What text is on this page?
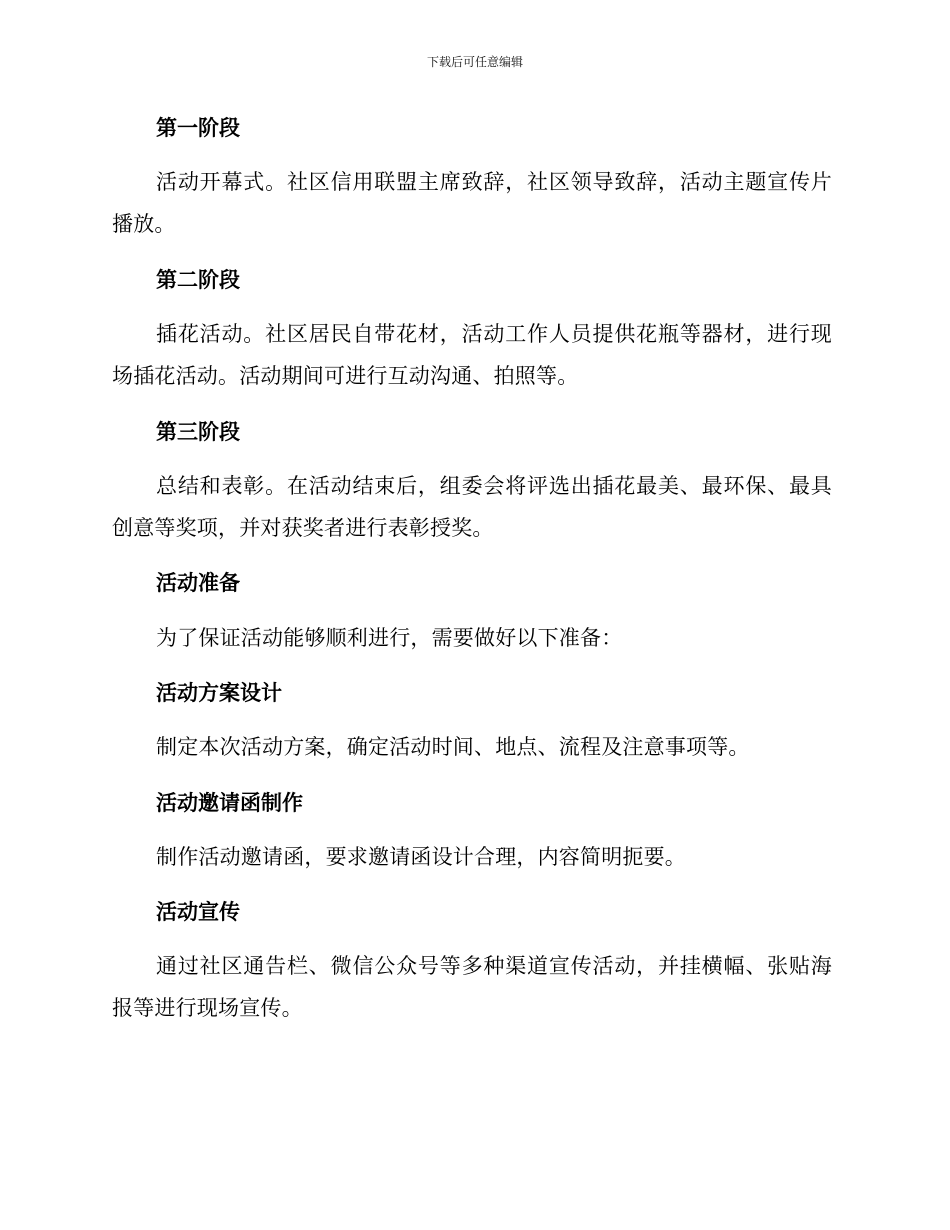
下载后可任意编辑
第一阶段
活动开幕式。社区信用联盟主席致辞，社区领导致辞，活动主题宣传片播放。
第二阶段
插花活动。社区居民自带花材，活动工作人员提供花瓶等器材，进行现场插花活动。活动期间可进行互动沟通、拍照等。
第三阶段
总结和表彰。在活动结束后，组委会将评选出插花最美、最环保、最具创意等奖项，并对获奖者进行表彰授奖。
活动准备
为了保证活动能够顺利进行，需要做好以下准备：
活动方案设计
制定本次活动方案，确定活动时间、地点、流程及注意事项等。
活动邀请函制作
制作活动邀请函，要求邀请函设计合理，内容简明扼要。
活动宣传
通过社区通告栏、微信公众号等多种渠道宣传活动，并挂横幅、张贴海报等进行现场宣传。
